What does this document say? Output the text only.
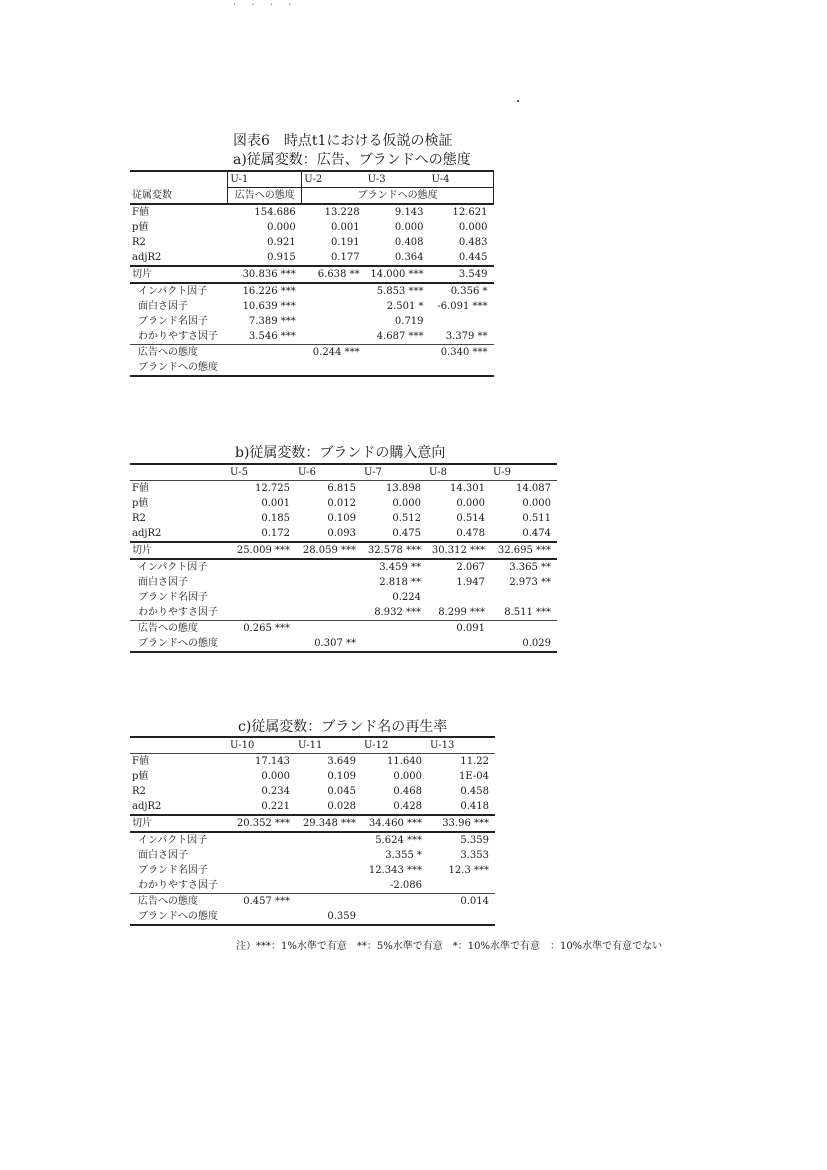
· · · ·
図表6　時点t1における仮説の検証
a)従属変数：広告、ブランドへの態度
	U-1	U-2	U-3	U-4
従属変数	広告への態度	ブランドへの態度		
F値	154.686	13.228	9.143	12.621
p値	0.000	0.001	0.000	0.000
R2	0.921	0.191	0.408	0.483
adjR2	0.915	0.177	0.364	0.445
切片	30.836 ***	6.638 **	14.000 ***	3.549
インパクト因子	16.226 ***		5.853 ***	0.356 *
面白さ因子	10.639 ***		2.501 *	-6.091 ***
ブランド名因子	7.389 ***		0.719	
わかりやすさ因子	3.546 ***		4.687 ***	3.379 **
広告への態度		0.244 ***		0.340 ***
ブランドへの態度				
b)従属変数：ブランドの購入意向
	U-5	U-6	U-7	U-8	U-9
F値	12.725	6.815	13.898	14.301	14.087
p値	0.001	0.012	0.000	0.000	0.000
R2	0.185	0.109	0.512	0.514	0.511
adjR2	0.172	0.093	0.475	0.478	0.474
切片	25.009 ***	28.059 ***	32.578 ***	30.312 ***	32.695 ***
インパクト因子			3.459 **	2.067	3.365 **
面白さ因子			2.818 **	1.947	2.973 **
ブランド名因子			0.224		
わかりやすさ因子			8.932 ***	8.299 ***	8.511 ***
広告への態度	0.265 ***			0.091	
ブランドへの態度		0.307 **			0.029
c)従属変数：ブランド名の再生率
	U-10	U-11	U-12	U-13
F値	17.143	3.649	11.640	11.22
p値	0.000	0.109	0.000	1E-04
R2	0.234	0.045	0.468	0.458
adjR2	0.221	0.028	0.428	0.418
切片	20.352 ***	29.348 ***	34.460 ***	33.96 ***
インパクト因子			5.624 ***	5.359
面白さ因子			3.355 *	3.353
ブランド名因子			12.343 ***	12.3 ***
わかりやすさ因子			-2.086	
広告への態度	0.457 ***			0.014
ブランドへの態度		0.359		
注）***：1%水準で有意　**：5%水準で有意　*：10%水準で有意　：10%水準で有意でない
